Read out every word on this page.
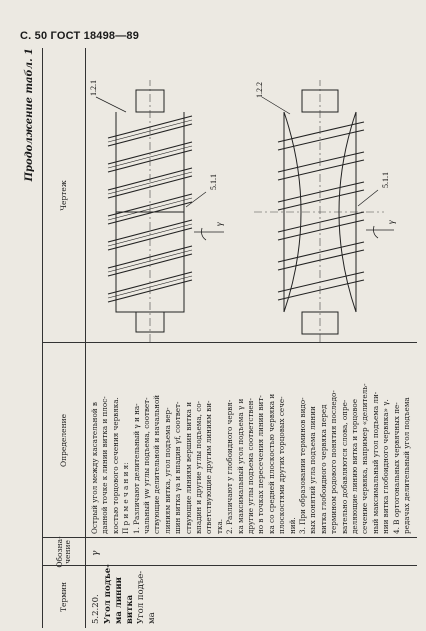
С. 50 ГОСТ 18498—89
Продолжение табл. 1
Термин
Обозна-
чение
Определение
Чертеж
5.2.20. Угол подъе- ма линии витка Угол подъе- ма
γ
Острый угол между касательной в данной точке к линии витка и плос- костью торцового сечения червяка. П р и м е ч а н и я: 1. Различают делительный γ и на- чальный γw углы подъема, соответ- ствующие делительной и начальной линиям витка, угол подъема вер- шин витка γa и впадин γf, соответ- ствующие линиям вершин витка и впадин и другие углы подъема, со- ответствующие другим линиям ви- тка. 2. Различают у глобоидного червя- ка максимальный угол подъема γ и другие углы подъема соответствен- но в точках пересечения линии вит- ка со средней плоскостью червяка и плоскостями других торцовых сече- ний. 3. При образовании терминов видо- вых понятий угла подъема линии витка глобоидного червяка перед термином родового понятия последо- вательно добавляются слова, опре- деляющие линию витка и торцовое сечение червяка, например «делитель- ный максимальный угол подъема ли- нии витка глобоидного червяка» γ. 4. В ортогональных червячных пе- редачах делительный угол подъема
γ
1.2.1
5.1.1
γ
1.2.2
5.1.1
